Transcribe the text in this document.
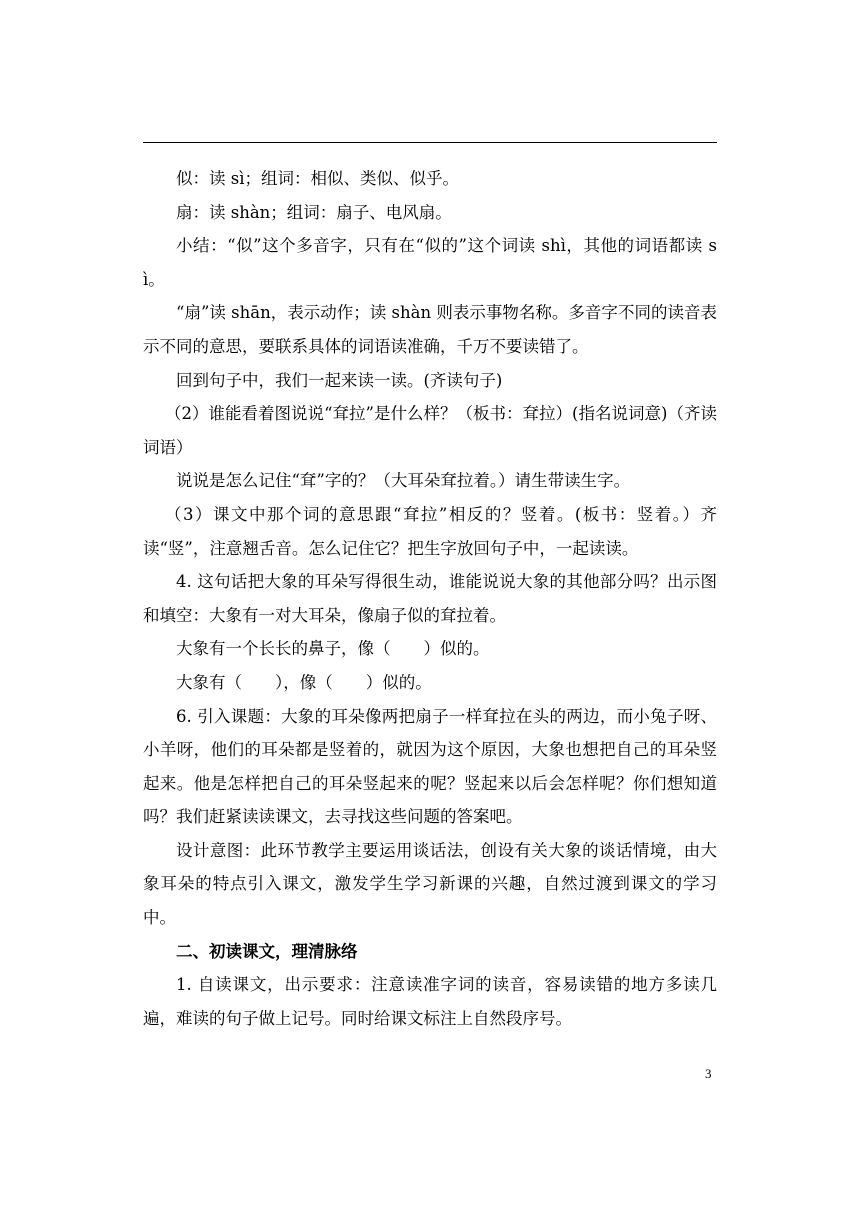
似：读 sì；组词：相似、类似、似乎。

扇：读 shàn；组词：扇子、电风扇。

小结：“似”这个多音字，只有在“似的”这个词读 shì，其他的词语都读 sì。

“扇”读 shān，表示动作；读 shàn 则表示事物名称。多音字不同的读音表示不同的意思，要联系具体的词语读准确，千万不要读错了。

回到句子中，我们一起来读一读。(齐读句子)

（2）谁能看着图说说“耷拉”是什么样？（板书：耷拉）(指名说词意)（齐读词语）

说说是怎么记住“耷”字的？（大耳朵耷拉着。）请生带读生字。

（3）课文中那个词的意思跟“耷拉”相反的？竖着。(板书：竖着。）齐读“竖”，注意翘舌音。怎么记住它？把生字放回句子中，一起读读。

4. 这句话把大象的耳朵写得很生动，谁能说说大象的其他部分吗？出示图和填空：大象有一对大耳朵，像扇子似的耷拉着。

大象有一个长长的鼻子，像（　　）似的。

大象有（　　），像（　　）似的。

6. 引入课题：大象的耳朵像两把扇子一样耷拉在头的两边，而小兔子呀、小羊呀，他们的耳朵都是竖着的，就因为这个原因，大象也想把自己的耳朵竖起来。他是怎样把自己的耳朵竖起来的呢？竖起来以后会怎样呢？你们想知道吗？我们赶紧读读课文，去寻找这些问题的答案吧。

设计意图：此环节教学主要运用谈话法，创设有关大象的谈话情境，由大象耳朵的特点引入课文，激发学生学习新课的兴趣，自然过渡到课文的学习中。

二、初读课文，理清脉络

1. 自读课文，出示要求：注意读准字词的读音，容易读错的地方多读几遍，难读的句子做上记号。同时给课文标注上自然段序号。

3
